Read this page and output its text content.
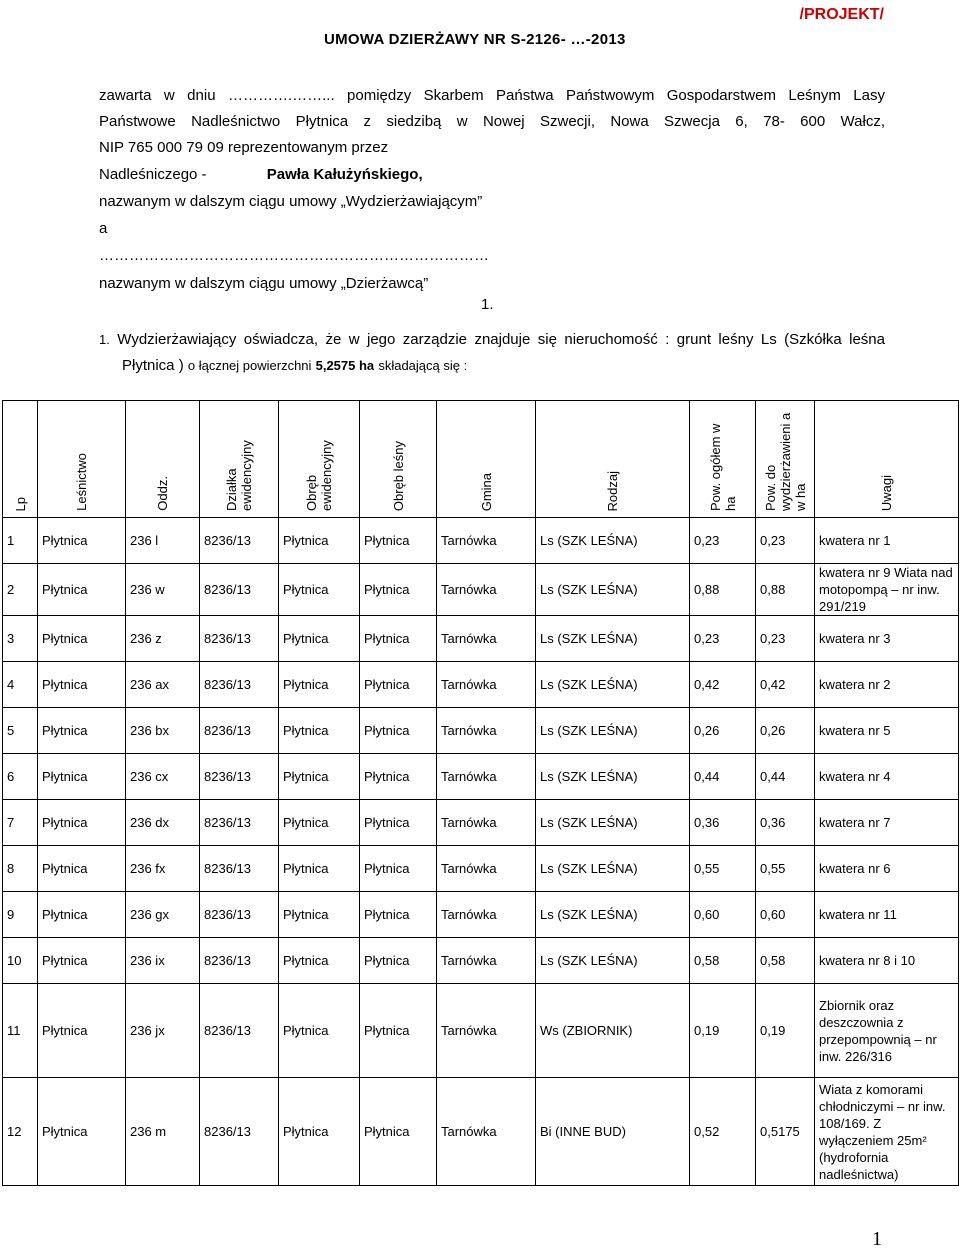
/PROJEKT/
UMOWA DZIERŻAWY NR S-2126- …-2013
zawarta w dniu ………….……... pomiędzy Skarbem Państwa Państwowym Gospodarstwem Leśnym Lasy
Państwowe Nadleśnictwo Płytnica z siedzibą w Nowej Szwecji, Nowa Szwecja 6, 78- 600 Wałcz,
NIP 765 000 79 09 reprezentowanym przez
Nadleśniczego -	Pawła Kałużyńskiego,
nazwanym w dalszym ciągu umowy „Wydzierżawiającym”
a
……………………………………………………………………
nazwanym w dalszym ciągu umowy „Dzierżawcą”
1.
1. Wydzierżawiający oświadcza, że w jego zarządzie znajduje się nieruchomość : grunt leśny Ls (Szkółka leśna
Płytnica ) o łącznej powierzchni 5,2575 ha składającą się :
Lp	Leśnictwo	Oddz.	Działka ewidencyjny	Obręb ewidencyjny	Obręb leśny	Gmina	Rodzaj	Pow. ogółem w ha	Pow. do wydzierżawieni a w ha	Uwagi

1	Płytnica	236 l	8236/13	Płytnica	Płytnica	Tarnówka	Ls (SZK LEŚNA)	0,23	0,23	kwatera nr 1
2	Płytnica	236 w	8236/13	Płytnica	Płytnica	Tarnówka	Ls (SZK LEŚNA)	0,88	0,88	kwatera nr 9 Wiata nad motopompą – nr inw. 291/219
3	Płytnica	236 z	8236/13	Płytnica	Płytnica	Tarnówka	Ls (SZK LEŚNA)	0,23	0,23	kwatera nr 3
4	Płytnica	236 ax	8236/13	Płytnica	Płytnica	Tarnówka	Ls (SZK LEŚNA)	0,42	0,42	kwatera nr 2
5	Płytnica	236 bx	8236/13	Płytnica	Płytnica	Tarnówka	Ls (SZK LEŚNA)	0,26	0,26	kwatera nr 5
6	Płytnica	236 cx	8236/13	Płytnica	Płytnica	Tarnówka	Ls (SZK LEŚNA)	0,44	0,44	kwatera nr 4
7	Płytnica	236 dx	8236/13	Płytnica	Płytnica	Tarnówka	Ls (SZK LEŚNA)	0,36	0,36	kwatera nr 7
8	Płytnica	236 fx	8236/13	Płytnica	Płytnica	Tarnówka	Ls (SZK LEŚNA)	0,55	0,55	kwatera nr 6
9	Płytnica	236 gx	8236/13	Płytnica	Płytnica	Tarnówka	Ls (SZK LEŚNA)	0,60	0,60	kwatera nr 11
10	Płytnica	236 ix	8236/13	Płytnica	Płytnica	Tarnówka	Ls (SZK LEŚNA)	0,58	0,58	kwatera nr 8 i 10
11	Płytnica	236 jx	8236/13	Płytnica	Płytnica	Tarnówka	Ws (ZBIORNIK)	0,19	0,19	Zbiornik oraz deszczownia z przepompownią – nr inw. 226/316
12	Płytnica	236 m	8236/13	Płytnica	Płytnica	Tarnówka	Bi (INNE BUD)	0,52	0,5175	Wiata z komorami chłodniczymi – nr inw. 108/169. Z wyłączeniem 25m² (hydrofornia nadleśnictwa)
1
